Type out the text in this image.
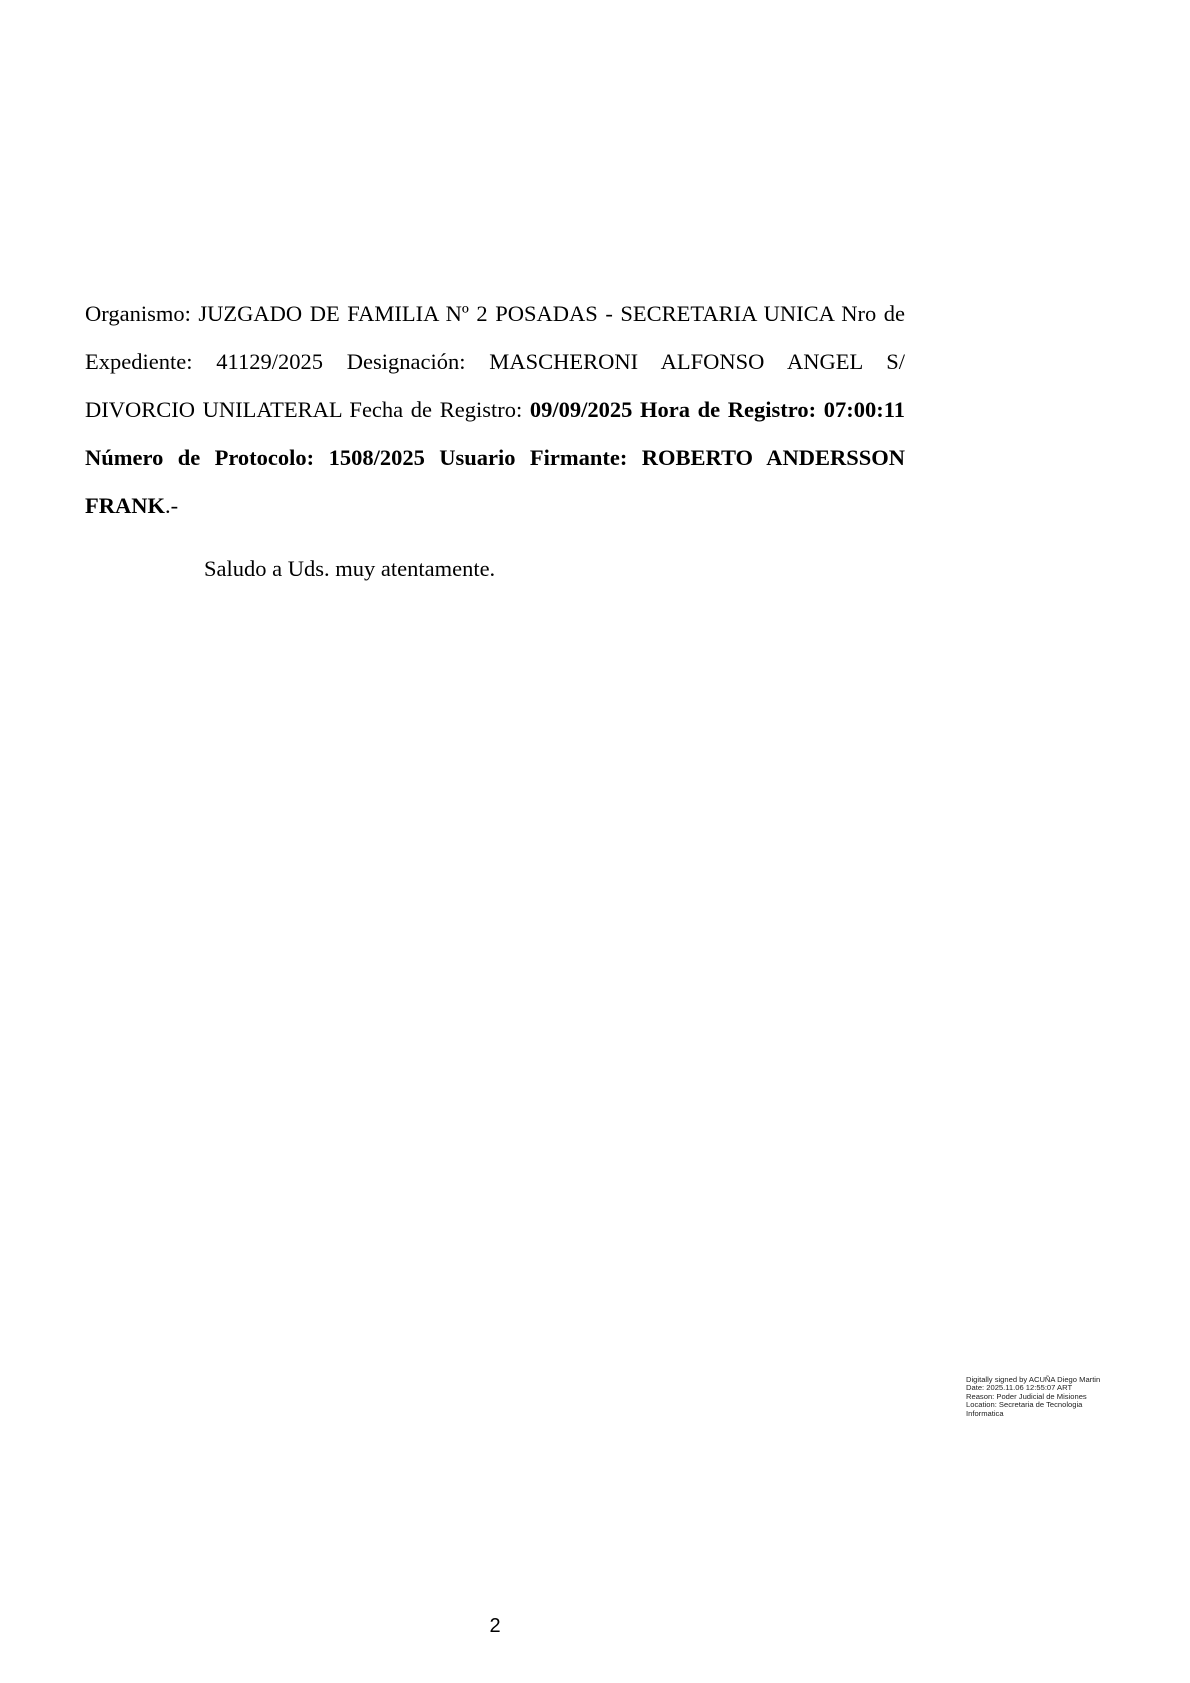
Organismo: JUZGADO DE FAMILIA Nº 2 POSADAS - SECRETARIA UNICA Nro de Expediente: 41129/2025 Designación: MASCHERONI ALFONSO ANGEL S/ DIVORCIO UNILATERAL Fecha de Registro: 09/09/2025 Hora de Registro: 07:00:11 Número de Protocolo: 1508/2025 Usuario Firmante: ROBERTO ANDERSSON FRANK.-

Saludo a Uds. muy atentamente.

Digitally signed by ACUÑA Diego Martin
Date: 2025.11.06 12:55:07 ART
Reason: Poder Judicial de Misiones
Location: Secretaria de Tecnologia
Informatica
2
